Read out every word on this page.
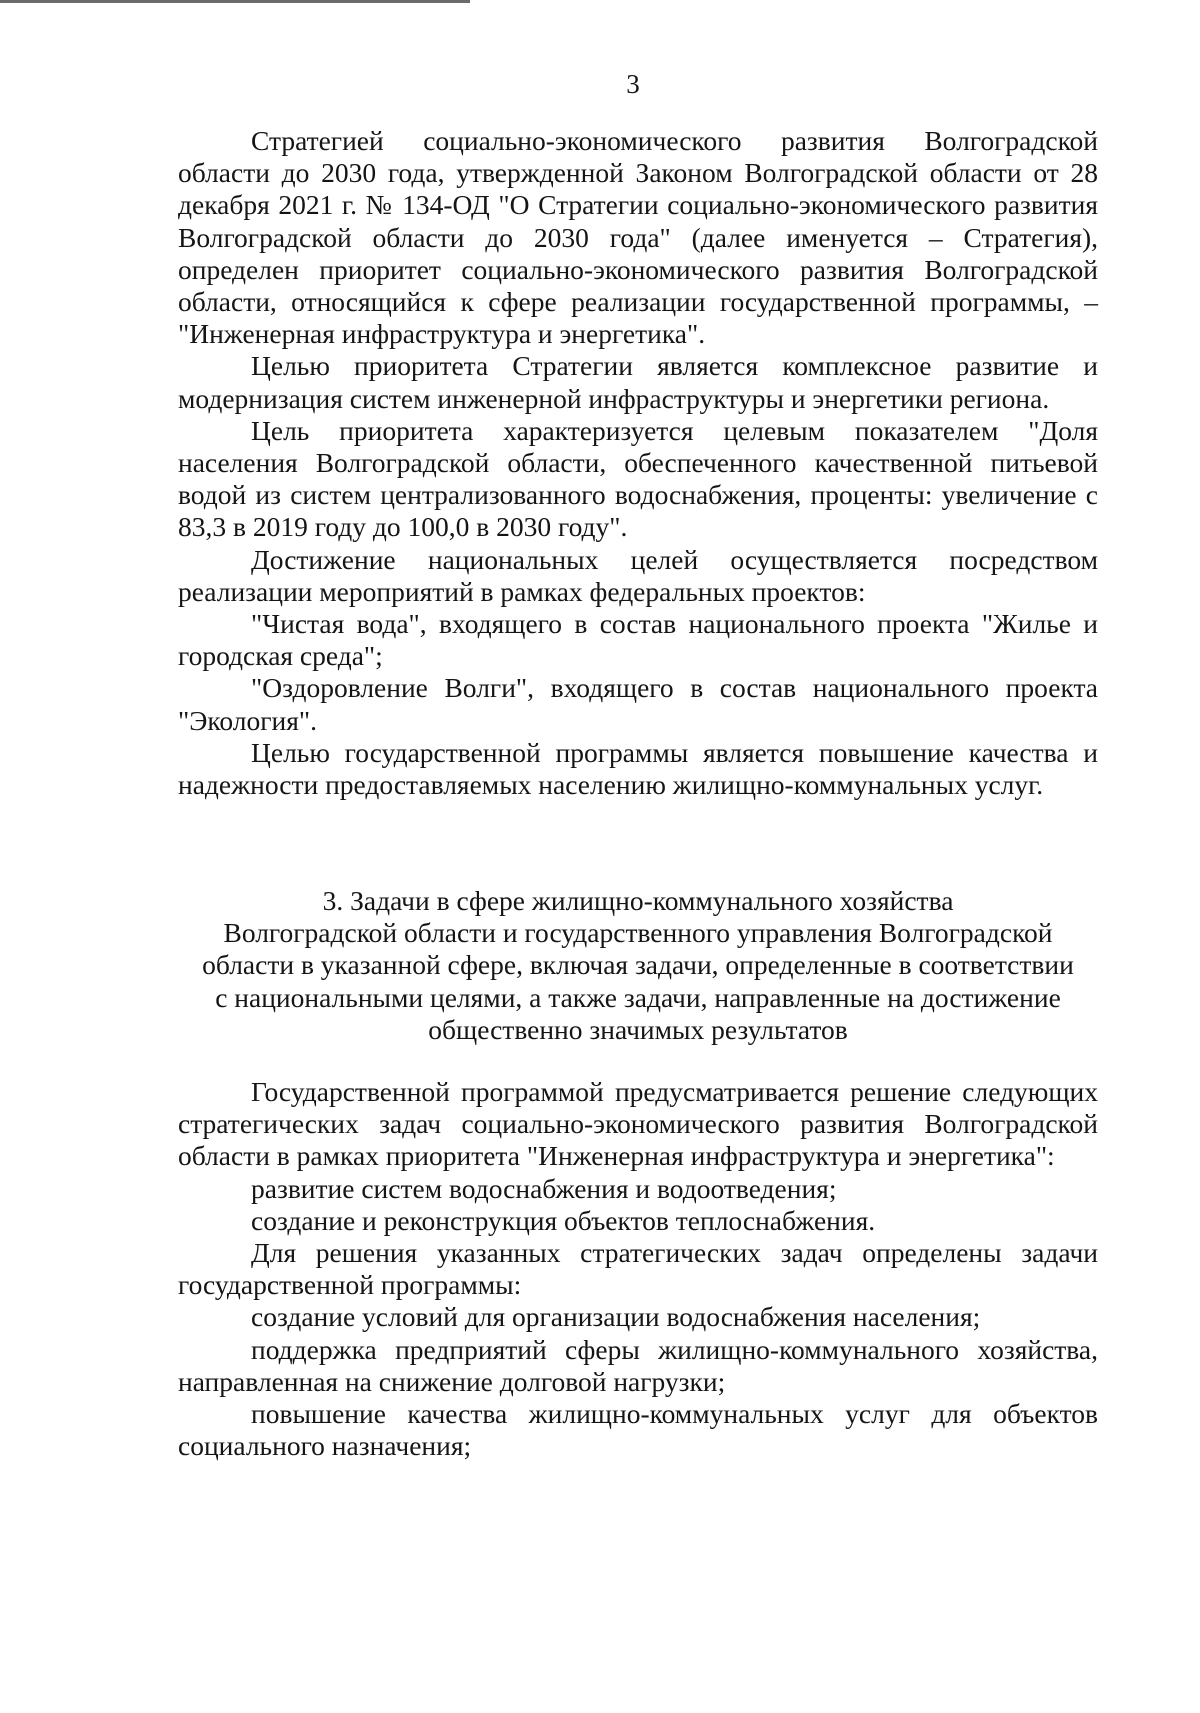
3

Стратегией социально-экономического развития Волгоградской области до 2030 года, утвержденной Законом Волгоградской области от 28 декабря 2021 г. № 134-ОД "О Стратегии социально-экономического развития Волгоградской области до 2030 года" (далее именуется – Стратегия), определен приоритет социально-экономического развития Волгоградской области, относящийся к сфере реализации государственной программы, – "Инженерная инфраструктура и энергетика".

Целью приоритета Стратегии является комплексное развитие и модернизация систем инженерной инфраструктуры и энергетики региона.

Цель приоритета характеризуется целевым показателем "Доля населения Волгоградской области, обеспеченного качественной питьевой водой из систем централизованного водоснабжения, проценты: увеличение с 83,3 в 2019 году до 100,0 в 2030 году".

Достижение национальных целей осуществляется посредством реализации мероприятий в рамках федеральных проектов:

"Чистая вода", входящего в состав национального проекта "Жилье и городская среда";

"Оздоровление Волги", входящего в состав национального проекта "Экология".

Целью государственной программы является повышение качества и надежности предоставляемых населению жилищно-коммунальных услуг.

3. Задачи в сфере жилищно-коммунального хозяйства
Волгоградской области и государственного управления Волгоградской
области в указанной сфере, включая задачи, определенные в соответствии
с национальными целями, а также задачи, направленные на достижение
общественно значимых результатов

Государственной программой предусматривается решение следующих стратегических задач социально-экономического развития Волгоградской области в рамках приоритета "Инженерная инфраструктура и энергетика":

развитие систем водоснабжения и водоотведения;

создание и реконструкция объектов теплоснабжения.

Для решения указанных стратегических задач определены задачи государственной программы:

создание условий для организации водоснабжения населения;

поддержка предприятий сферы жилищно-коммунального хозяйства, направленная на снижение долговой нагрузки;

повышение качества жилищно-коммунальных услуг для объектов социального назначения;
